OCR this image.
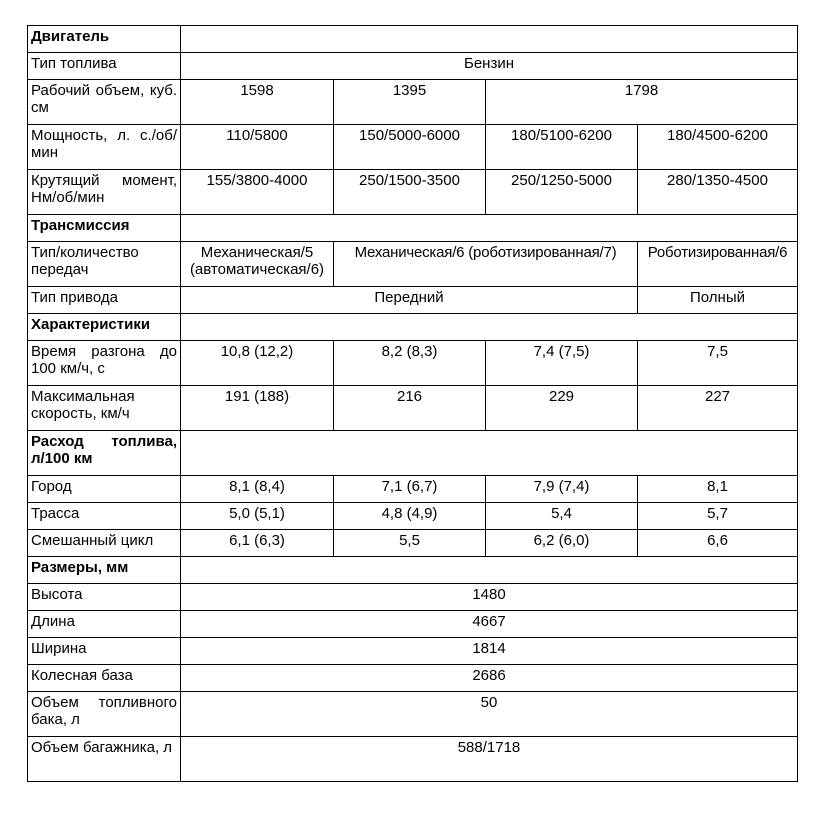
Двигатель				
Тип топлива	Бензин			
Рабочий объем, куб. см	1598	1395	1798	
Мощность, л. с./об/мин	110/5800	150/5000-6000	180/5100-6200	180/4500-6200
Крутящий момент, Нм/об/мин	155/3800-4000	250/1500-3500	250/1250-5000	280/1350-4500
Трансмиссия				
Тип/количество передач	Механическая/5 (автоматическая/6)	Механическая/6 (роботизированная/7)		Роботизированная/6
Тип привода	Передний			Полный
Характеристики				
Время разгона до 100 км/ч, с	10,8 (12,2)	8,2 (8,3)	7,4 (7,5)	7,5
Максимальная скорость, км/ч	191 (188)	216	229	227
Расход топлива, л/100 км				
Город	8,1 (8,4)	7,1 (6,7)	7,9 (7,4)	8,1
Трасса	5,0 (5,1)	4,8 (4,9)	5,4	5,7
Смешанный цикл	6,1 (6,3)	5,5	6,2 (6,0)	6,6
Размеры, мм				
Высота	1480			
Длина	4667			
Ширина	1814			
Колесная база	2686			
Объем топливного бака, л	50			
Объем багажника, л	588/1718			
